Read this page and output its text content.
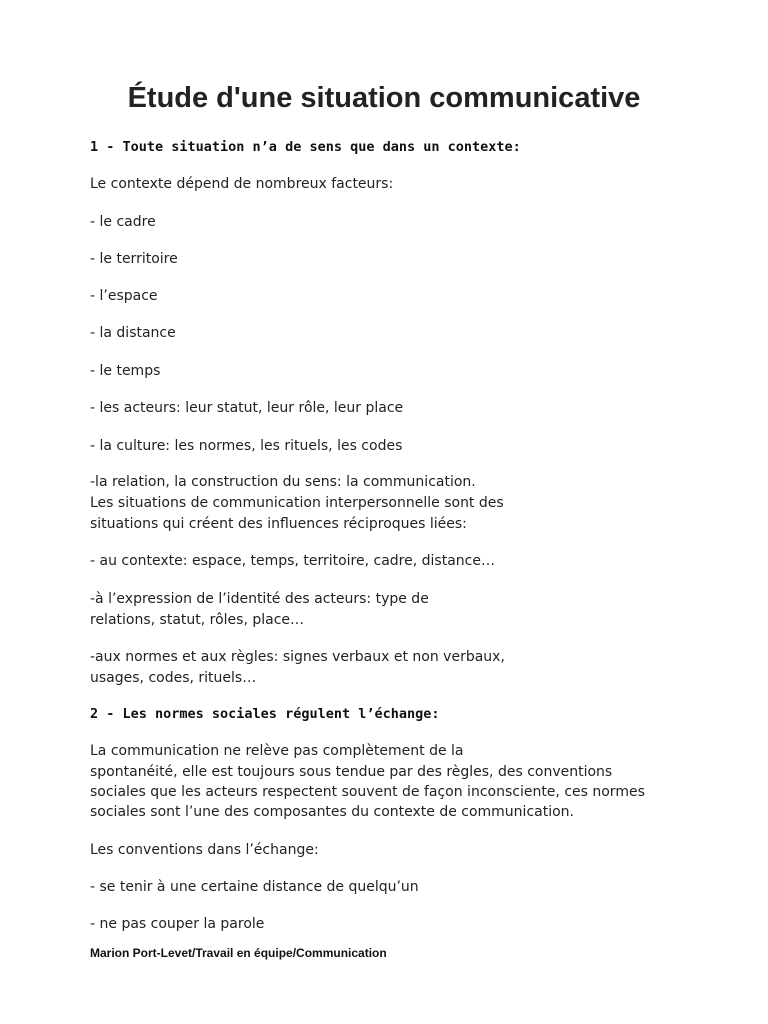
Étude d'une situation communicative
1 - Toute situation n’a de sens que dans un contexte:
Le contexte dépend de nombreux facteurs:
- le cadre
- le territoire
- l’espace
- la distance
- le temps
- les acteurs: leur statut, leur rôle, leur place
- la culture: les normes, les rituels, les codes
-la relation, la construction du sens: la communication.
Les situations de communication interpersonnelle sont des
situations qui créent des influences réciproques liées:
- au contexte: espace, temps, territoire, cadre, distance…
-à l’expression de l’identité des acteurs: type de
relations, statut, rôles, place…
-aux normes et aux règles: signes verbaux et non verbaux,
usages, codes, rituels…
2 - Les normes sociales régulent l’échange:
La communication ne relève pas complètement de la
spontanéité, elle est toujours sous tendue par des règles, des conventions
sociales que les acteurs respectent souvent de façon inconsciente, ces normes
sociales sont l’une des composantes du contexte de communication.
Les conventions dans l’échange:
- se tenir à une certaine distance de quelqu’un
- ne pas couper la parole
Marion Port-Levet/Travail en équipe/Communication
